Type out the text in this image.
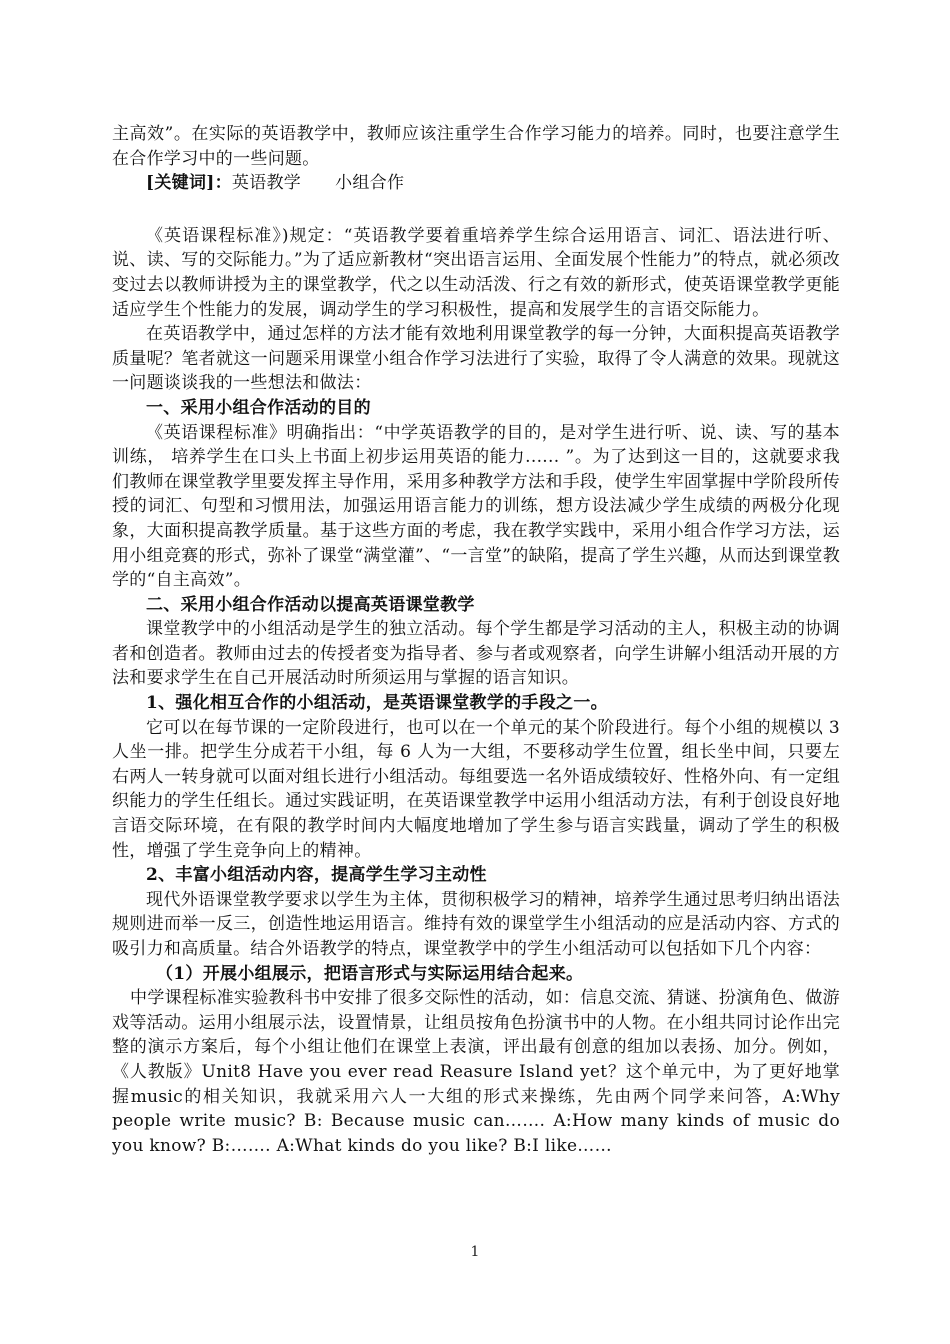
主高效”。在实际的英语教学中，教师应该注重学生合作学习能力的培养。同时，也要注意学生在合作学习中的一些问题。

[关键词]：英语教学 小组合作

《英语课程标准》)规定：“英语教学要着重培养学生综合运用语言、词汇、语法进行听、说、读、写的交际能力。”为了适应新教材“突出语言运用、全面发展个性能力”的特点，就必须改变过去以教师讲授为主的课堂教学，代之以生动活泼、行之有效的新形式，使英语课堂教学更能适应学生个性能力的发展，调动学生的学习积极性，提高和发展学生的言语交际能力。

在英语教学中，通过怎样的方法才能有效地利用课堂教学的每一分钟，大面积提高英语教学质量呢？笔者就这一问题采用课堂小组合作学习法进行了实验，取得了令人满意的效果。现就这一问题谈谈我的一些想法和做法：

一、采用小组合作活动的目的

《英语课程标准》明确指出：“中学英语教学的目的，是对学生进行听、说、读、写的基本训练， 培养学生在口头上书面上初步运用英语的能力...... ”。为了达到这一目的，这就要求我们教师在课堂教学里要发挥主导作用，采用多种教学方法和手段，使学生牢固掌握中学阶段所传授的词汇、句型和习惯用法，加强运用语言能力的训练，想方设法减少学生成绩的两极分化现象，大面积提高教学质量。基于这些方面的考虑，我在教学实践中，采用小组合作学习方法，运用小组竞赛的形式，弥补了课堂“满堂灌”、“一言堂”的缺陷，提高了学生兴趣，从而达到课堂教学的“自主高效”。

二、采用小组合作活动以提高英语课堂教学

课堂教学中的小组活动是学生的独立活动。每个学生都是学习活动的主人，积极主动的协调者和创造者。教师由过去的传授者变为指导者、参与者或观察者，向学生讲解小组活动开展的方法和要求学生在自己开展活动时所须运用与掌握的语言知识。

1、强化相互合作的小组活动，是英语课堂教学的手段之一。

它可以在每节课的一定阶段进行，也可以在一个单元的某个阶段进行。每个小组的规模以 3 人坐一排。把学生分成若干小组，每 6 人为一大组，不要移动学生位置，组长坐中间，只要左右两人一转身就可以面对组长进行小组活动。每组要选一名外语成绩较好、性格外向、有一定组织能力的学生任组长。通过实践证明，在英语课堂教学中运用小组活动方法，有利于创设良好地言语交际环境，在有限的教学时间内大幅度地增加了学生参与语言实践量，调动了学生的积极性，增强了学生竞争向上的精神。

2、丰富小组活动内容，提高学生学习主动性

现代外语课堂教学要求以学生为主体，贯彻积极学习的精神，培养学生通过思考归纳出语法规则进而举一反三，创造性地运用语言。维持有效的课堂学生小组活动的应是活动内容、方式的吸引力和高质量。结合外语教学的特点，课堂教学中的学生小组活动可以包括如下几个内容：

（1）开展小组展示，把语言形式与实际运用结合起来。

中学课程标准实验教科书中安排了很多交际性的活动，如：信息交流、猜谜、扮演角色、做游戏等活动。运用小组展示法，设置情景，让组员按角色扮演书中的人物。在小组共同讨论作出完整的演示方案后，每个小组让他们在课堂上表演，评出最有创意的组加以表扬、加分。例如，《人教版》Unit8 Have you ever read Reasure Island yet？这个单元中，为了更好地掌握music的相关知识，我就采用六人一大组的形式来操练，先由两个同学来问答，A:Why people write music? B: Because music can……. A:How many kinds of music do you know? B:……. A:What kinds do you like? B:I like……

1
